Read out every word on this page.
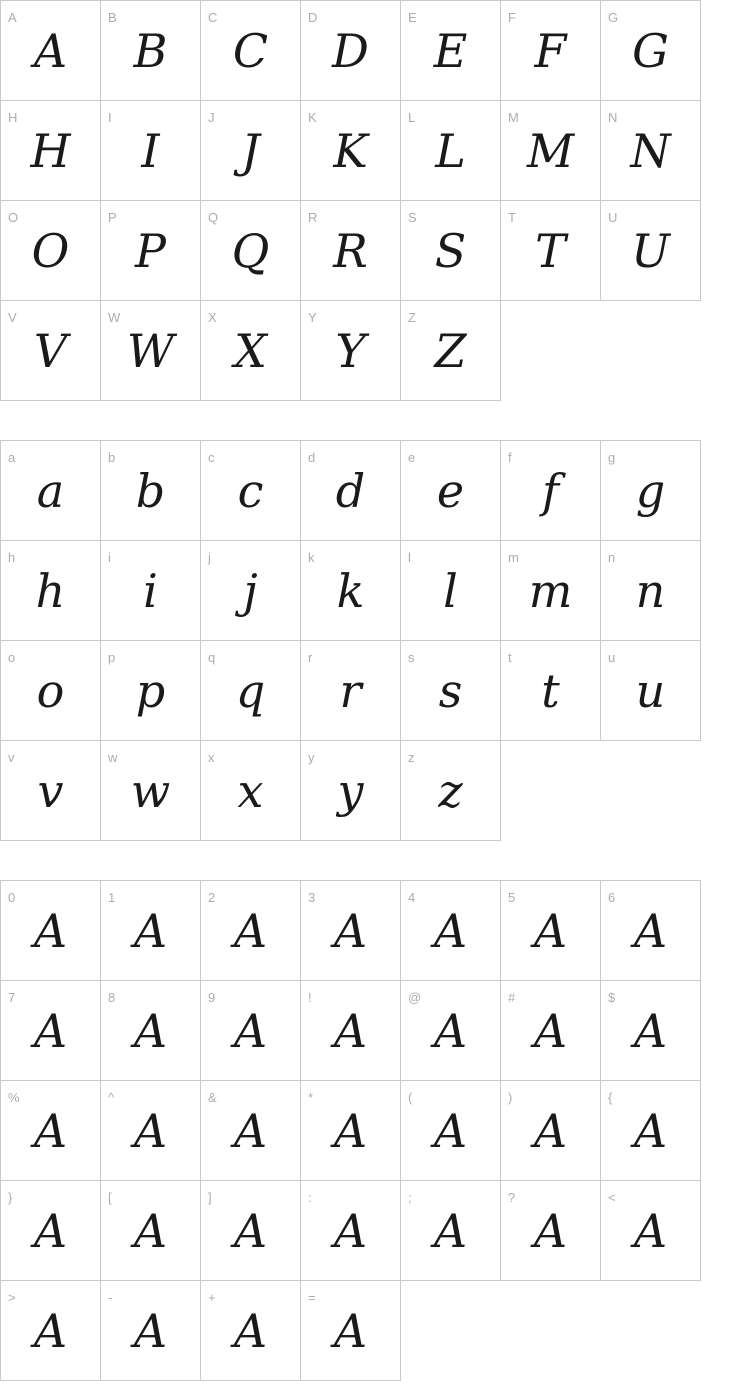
A
A
B
B
C
C
D
D
E
E
F
F
G
G
H
H
I
I
J
J
K
K
L
L
M
M
N
N
O
O
P
P
Q
Q
R
R
S
S
T
T
U
U
V
V
W
W
X
X
Y
Y
Z
Z
a
a
b
b
c
c
d
d
e
e
f
f
g
g
h
h
i
i
j
j
k
k
l
l
m
m
n
n
o
o
p
p
q
q
r
r
s
s
t
t
u
u
v
v
w
w
x
x
y
y
z
z
0
A
1
A
2
A
3
A
4
A
5
A
6
A
7
A
8
A
9
A
!
A
@
A
#
A
$
A
%
A
^
A
&
A
*
A
(
A
)
A
{
A
}
A
[
A
]
A
:
A
;
A
?
A
<
A
>
A
-
A
+
A
=
A
